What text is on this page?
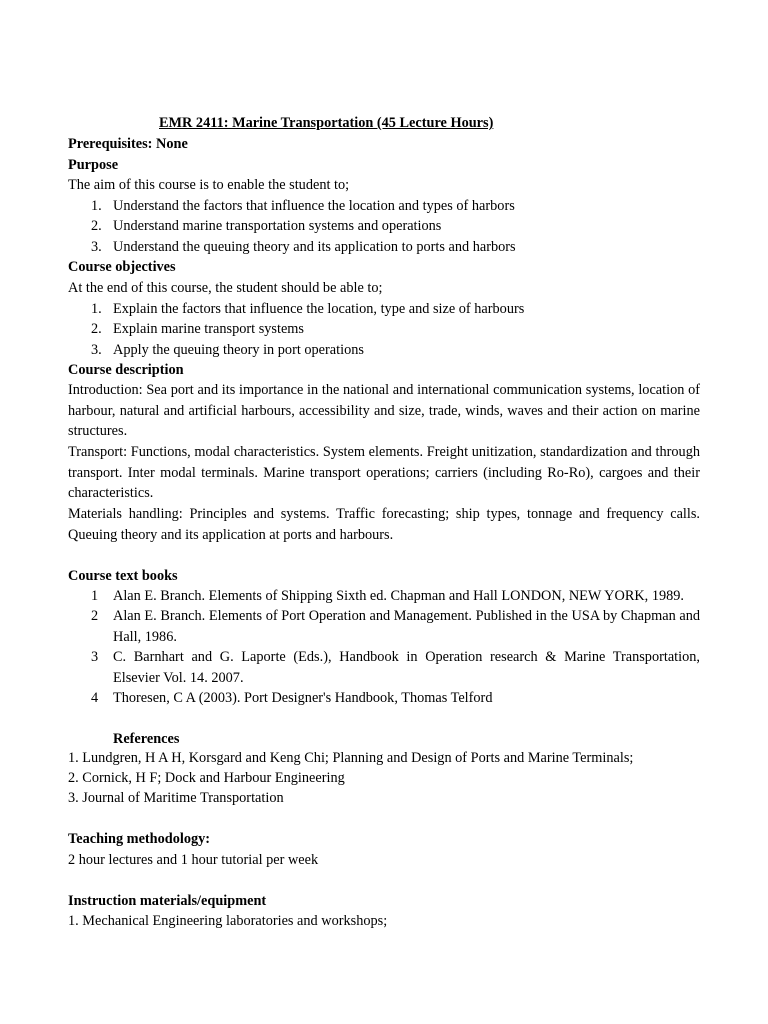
EMR 2411: Marine Transportation (45 Lecture Hours)
Prerequisites: None
Purpose
The aim of this course is to enable the student to;
1. Understand the factors that influence the location and types of harbors
2. Understand marine transportation systems and operations
3. Understand the queuing theory and its application to ports and harbors
Course objectives
At the end of this course, the student should be able to;
1. Explain the factors that influence the location, type and size of harbours
2. Explain marine transport systems
3. Apply the queuing theory in port operations
Course description
Introduction: Sea port and its importance in the national and international communication systems, location of harbour, natural and artificial harbours, accessibility and size, trade, winds, waves and their action on marine structures.
Transport: Functions, modal characteristics. System elements. Freight unitization, standardization and through transport. Inter modal terminals. Marine transport operations; carriers (including Ro-Ro), cargoes and their characteristics.
Materials handling: Principles and systems. Traffic forecasting; ship types, tonnage and frequency calls. Queuing theory and its application at ports and harbours.
Course text books
1 Alan E. Branch. Elements of Shipping Sixth ed. Chapman and Hall LONDON, NEW YORK, 1989.
2 Alan E. Branch. Elements of Port Operation and Management. Published in the USA by Chapman and Hall, 1986.
3 C. Barnhart and G. Laporte (Eds.), Handbook in Operation research & Marine Transportation, Elsevier Vol. 14. 2007.
4 Thoresen, C A (2003). Port Designer's Handbook, Thomas Telford
References
1. Lundgren, H A H, Korsgard and Keng Chi; Planning and Design of Ports and Marine Terminals;
2. Cornick, H F; Dock and Harbour Engineering
3. Journal of Maritime Transportation
Teaching methodology:
2 hour lectures and 1 hour tutorial per week
Instruction materials/equipment
1. Mechanical Engineering laboratories and workshops;
